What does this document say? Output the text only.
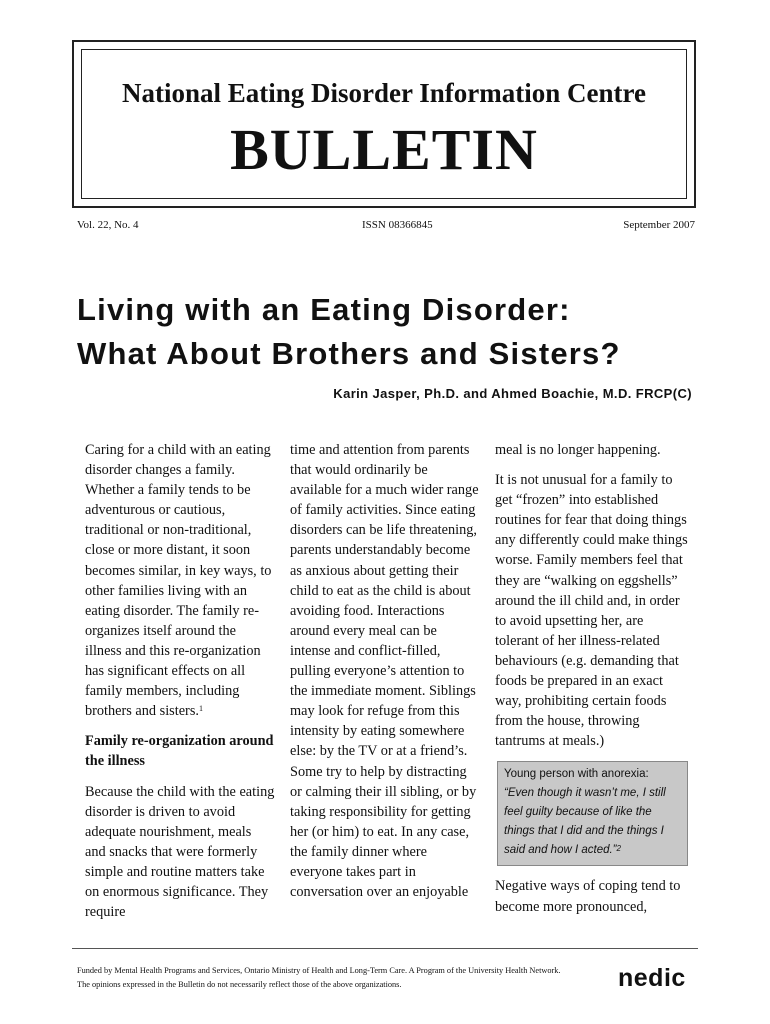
National Eating Disorder Information Centre
BULLETIN
Vol. 22, No. 4	ISSN 08366845	September 2007
Living with an Eating Disorder:
What About Brothers and Sisters?
Karin Jasper, Ph.D. and Ahmed Boachie, M.D. FRCP(C)

Caring for a child with an eating disorder changes a family. Whether a family tends to be adventurous or cautious, traditional or non-traditional, close or more distant, it soon becomes similar, in key ways, to other families living with an eating disorder. The family re-organizes itself around the illness and this re-organization has significant effects on all family members, including brothers and sisters.$^1$

Family re-organization around the illness

Because the child with the eating disorder is driven to avoid adequate nourishment, meals and snacks that were formerly simple and routine matters take on enormous significance. They require

time and attention from parents that would ordinarily be available for a much wider range of family activities. Since eating disorders can be life threatening, parents understandably become as anxious about getting their child to eat as the child is about avoiding food. Interactions around every meal can be intense and conflict-filled, pulling everyone’s attention to the immediate moment. Siblings may look for refuge from this intensity by eating somewhere else: by the TV or at a friend’s. Some try to help by distracting or calming their ill sibling, or by taking responsibility for getting her (or him) to eat. In any case, the family dinner where everyone takes part in conversation over an enjoyable

meal is no longer happening.

It is not unusual for a family to get “frozen” into established routines for fear that doing things any differently could make things worse. Family members feel that they are “walking on eggshells” around the ill child and, in order to avoid upsetting her, are tolerant of her illness-related behaviours (e.g. demanding that foods be prepared in an exact way, prohibiting certain foods from the house, throwing tantrums at meals.)

Young person with anorexia:
“Even though it wasn’t me, I still feel guilty because of like the things that I did and the things I said and how I acted.”$^2$

Negative ways of coping tend to become more pronounced,

Funded by Mental Health Programs and Services, Ontario Ministry of Health and Long-Term Care. A Program of the University Health Network.
The opinions expressed in the Bulletin do not necessarily reflect those of the above organizations.	nedic
